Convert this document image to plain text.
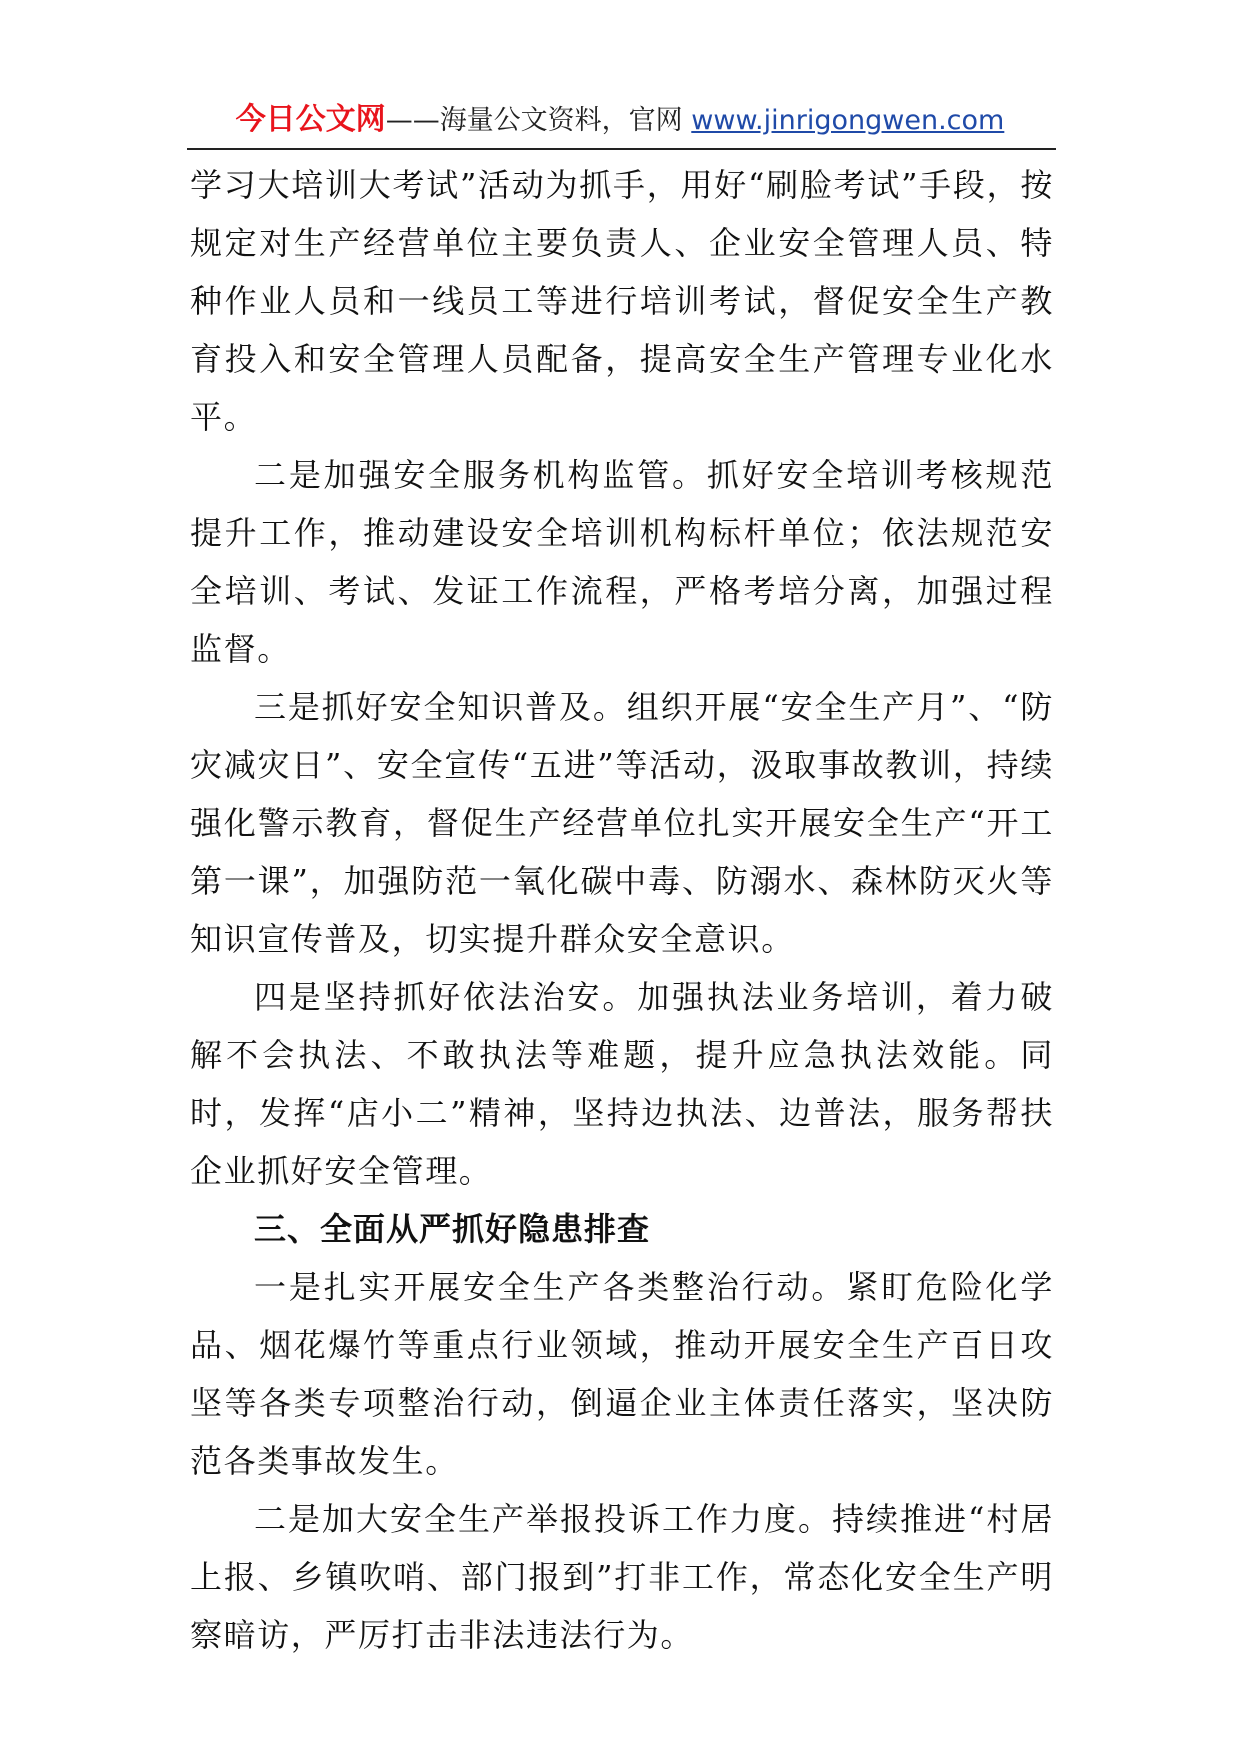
今日公文网——海量公文资料，官网 www.jinrigongwen.com

学习大培训大考试”活动为抓手，用好“刷脸考试”手段，按规定对生产经营单位主要负责人、企业安全管理人员、特种作业人员和一线员工等进行培训考试，督促安全生产教育投入和安全管理人员配备，提高安全生产管理专业化水平。

二是加强安全服务机构监管。抓好安全培训考核规范提升工作，推动建设安全培训机构标杆单位；依法规范安全培训、考试、发证工作流程，严格考培分离，加强过程监督。

三是抓好安全知识普及。组织开展“安全生产月”、“防灾减灾日”、安全宣传“五进”等活动，汲取事故教训，持续强化警示教育，督促生产经营单位扎实开展安全生产“开工第一课”，加强防范一氧化碳中毒、防溺水、森林防灭火等知识宣传普及，切实提升群众安全意识。

四是坚持抓好依法治安。加强执法业务培训，着力破解不会执法、不敢执法等难题，提升应急执法效能。同时，发挥“店小二”精神，坚持边执法、边普法，服务帮扶企业抓好安全管理。

三、全面从严抓好隐患排查

一是扎实开展安全生产各类整治行动。紧盯危险化学品、烟花爆竹等重点行业领域，推动开展安全生产百日攻坚等各类专项整治行动，倒逼企业主体责任落实，坚决防范各类事故发生。

二是加大安全生产举报投诉工作力度。持续推进“村居上报、乡镇吹哨、部门报到”打非工作，常态化安全生产明察暗访，严厉打击非法违法行为。
